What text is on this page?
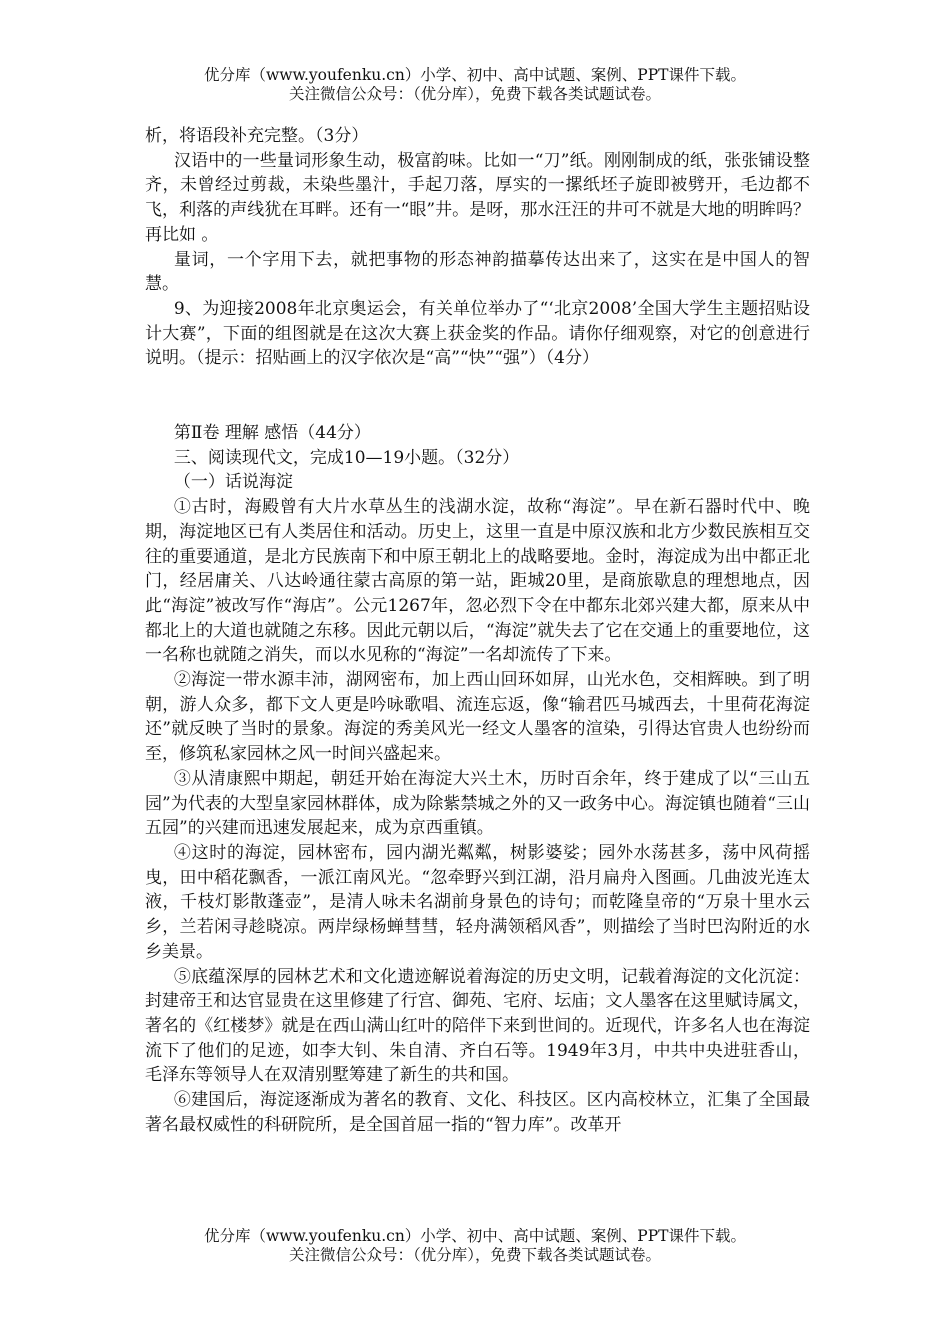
优分库（www.youfenku.cn）小学、初中、高中试题、案例、PPT课件下载。
关注微信公众号：（优分库），免费下载各类试题试卷。

析，将语段补充完整。（3分）

汉语中的一些量词形象生动，极富韵味。比如一“刀”纸。刚刚制成的纸，张张铺设整齐，未曾经过剪裁，未染些墨汁，手起刀落，厚实的一摞纸坯子旋即被劈开，毛边都不飞，利落的声线犹在耳畔。还有一“眼”井。是呀，那水汪汪的井可不就是大地的明眸吗？再比如 。

量词，一个字用下去，就把事物的形态神韵描摹传达出来了，这实在是中国人的智慧。

9、为迎接2008年北京奥运会，有关单位举办了“‘北京2008’全国大学生主题招贴设计大赛”，下面的组图就是在这次大赛上获金奖的作品。请你仔细观察，对它的创意进行说明。（提示：招贴画上的汉字依次是“高”“快”“强”）（4分）

第Ⅱ卷 理解 感悟（44分）

三、阅读现代文，完成10—19小题。（32分）

（一）话说海淀

①古时，海殿曾有大片水草丛生的浅湖水淀，故称“海淀”。早在新石器时代中、晚期，海淀地区已有人类居住和活动。历史上，这里一直是中原汉族和北方少数民族相互交往的重要通道，是北方民族南下和中原王朝北上的战略要地。金时，海淀成为出中都正北门，经居庸关、八达岭通往蒙古高原的第一站，距城20里，是商旅歇息的理想地点，因此“海淀”被改写作“海店”。公元1267年，忽必烈下令在中都东北郊兴建大都，原来从中都北上的大道也就随之东移。因此元朝以后，“海淀”就失去了它在交通上的重要地位，这一名称也就随之消失，而以水见称的“海淀”一名却流传了下来。

②海淀一带水源丰沛，湖网密布，加上西山回环如屏，山光水色，交相辉映。到了明朝，游人众多，都下文人更是吟咏歌唱、流连忘返，像“输君匹马城西去，十里荷花海淀还”就反映了当时的景象。海淀的秀美风光一经文人墨客的渲染，引得达官贵人也纷纷而至，修筑私家园林之风一时间兴盛起来。

③从清康熙中期起，朝廷开始在海淀大兴土木，历时百余年，终于建成了以“三山五园”为代表的大型皇家园林群体，成为除紫禁城之外的又一政务中心。海淀镇也随着“三山五园”的兴建而迅速发展起来，成为京西重镇。

④这时的海淀，园林密布，园内湖光粼粼，树影婆娑；园外水荡甚多，荡中风荷摇曳，田中稻花飘香，一派江南风光。“忽牵野兴到江湖，沿月扁舟入图画。几曲波光连太液，千枝灯影散蓬壶”，是清人咏未名湖前身景色的诗句；而乾隆皇帝的“万泉十里水云乡，兰若闲寻趁晓凉。两岸绿杨蝉彗彗，轻舟满领稻风香”，则描绘了当时巴沟附近的水乡美景。

⑤底蕴深厚的园林艺术和文化遗迹解说着海淀的历史文明，记载着海淀的文化沉淀：封建帝王和达官显贵在这里修建了行宫、御苑、宅府、坛庙；文人墨客在这里赋诗属文，著名的《红楼梦》就是在西山满山红叶的陪伴下来到世间的。近现代，许多名人也在海淀流下了他们的足迹，如李大钊、朱自清、齐白石等。1949年3月，中共中央进驻香山，毛泽东等领导人在双清别墅筹建了新生的共和国。

⑥建国后，海淀逐渐成为著名的教育、文化、科技区。区内高校林立，汇集了全国最著名最权威性的科研院所，是全国首屈一指的“智力库”。改革开

优分库（www.youfenku.cn）小学、初中、高中试题、案例、PPT课件下载。
关注微信公众号：（优分库），免费下载各类试题试卷。
